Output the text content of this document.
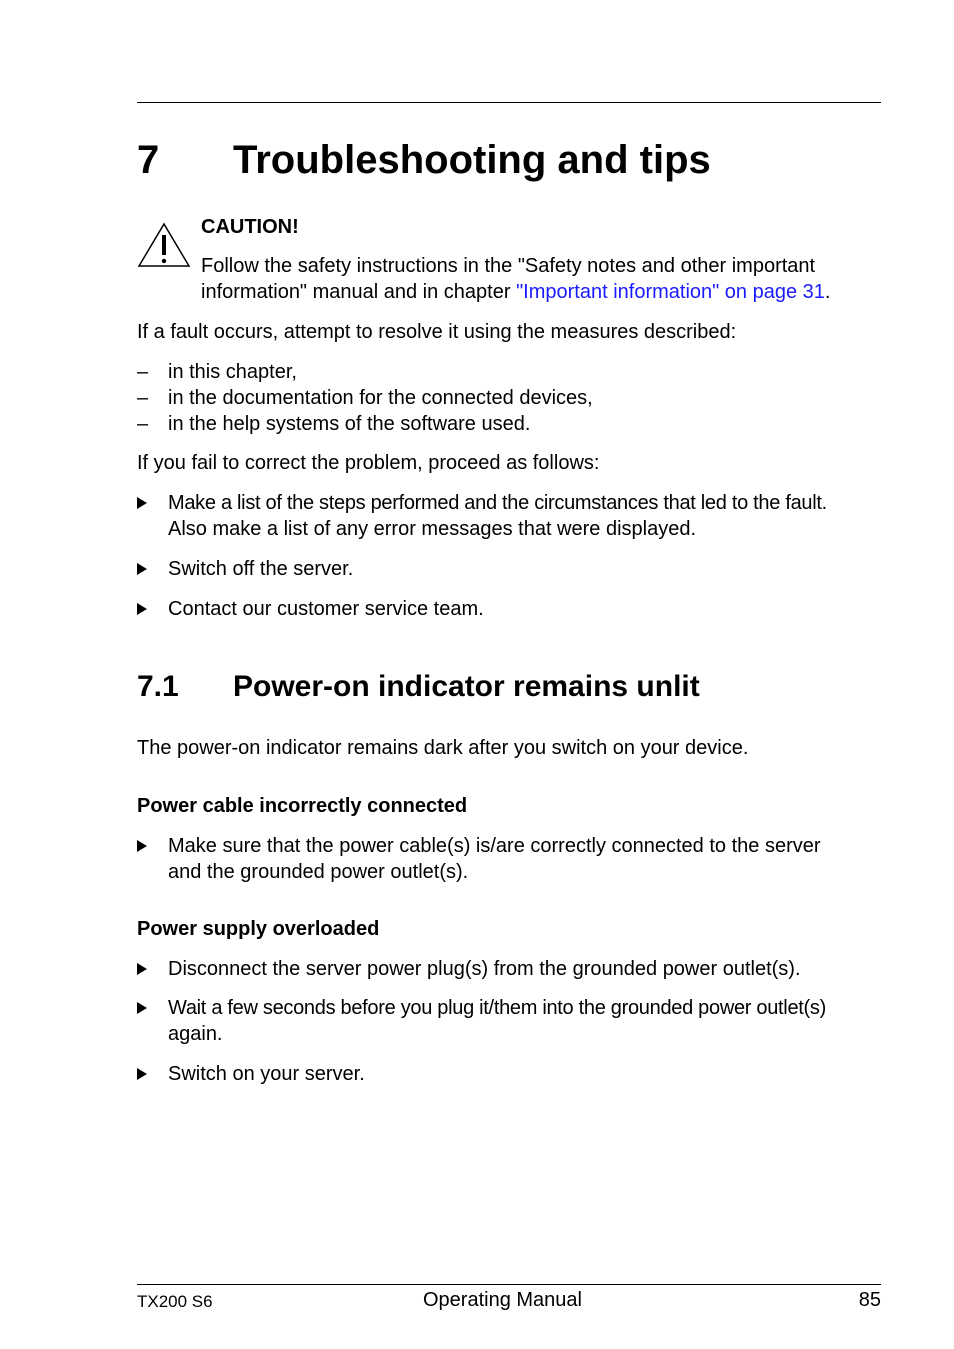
7 Troubleshooting and tips
CAUTION!
Follow the safety instructions in the "Safety notes and other important
information" manual and in chapter "Important information" on page 31.
If a fault occurs, attempt to resolve it using the measures described:
– in this chapter,
– in the documentation for the connected devices,
– in the help systems of the software used.
If you fail to correct the problem, proceed as follows:
Make a list of the steps performed and the circumstances that led to the fault.
Also make a list of any error messages that were displayed.
Switch off the server.
Contact our customer service team.
7.1 Power-on indicator remains unlit
The power-on indicator remains dark after you switch on your device.
Power cable incorrectly connected
Make sure that the power cable(s) is/are correctly connected to the server
and the grounded power outlet(s).
Power supply overloaded
Disconnect the server power plug(s) from the grounded power outlet(s).
Wait a few seconds before you plug it/them into the grounded power outlet(s)
again.
Switch on your server.
TX200 S6	Operating Manual	85
